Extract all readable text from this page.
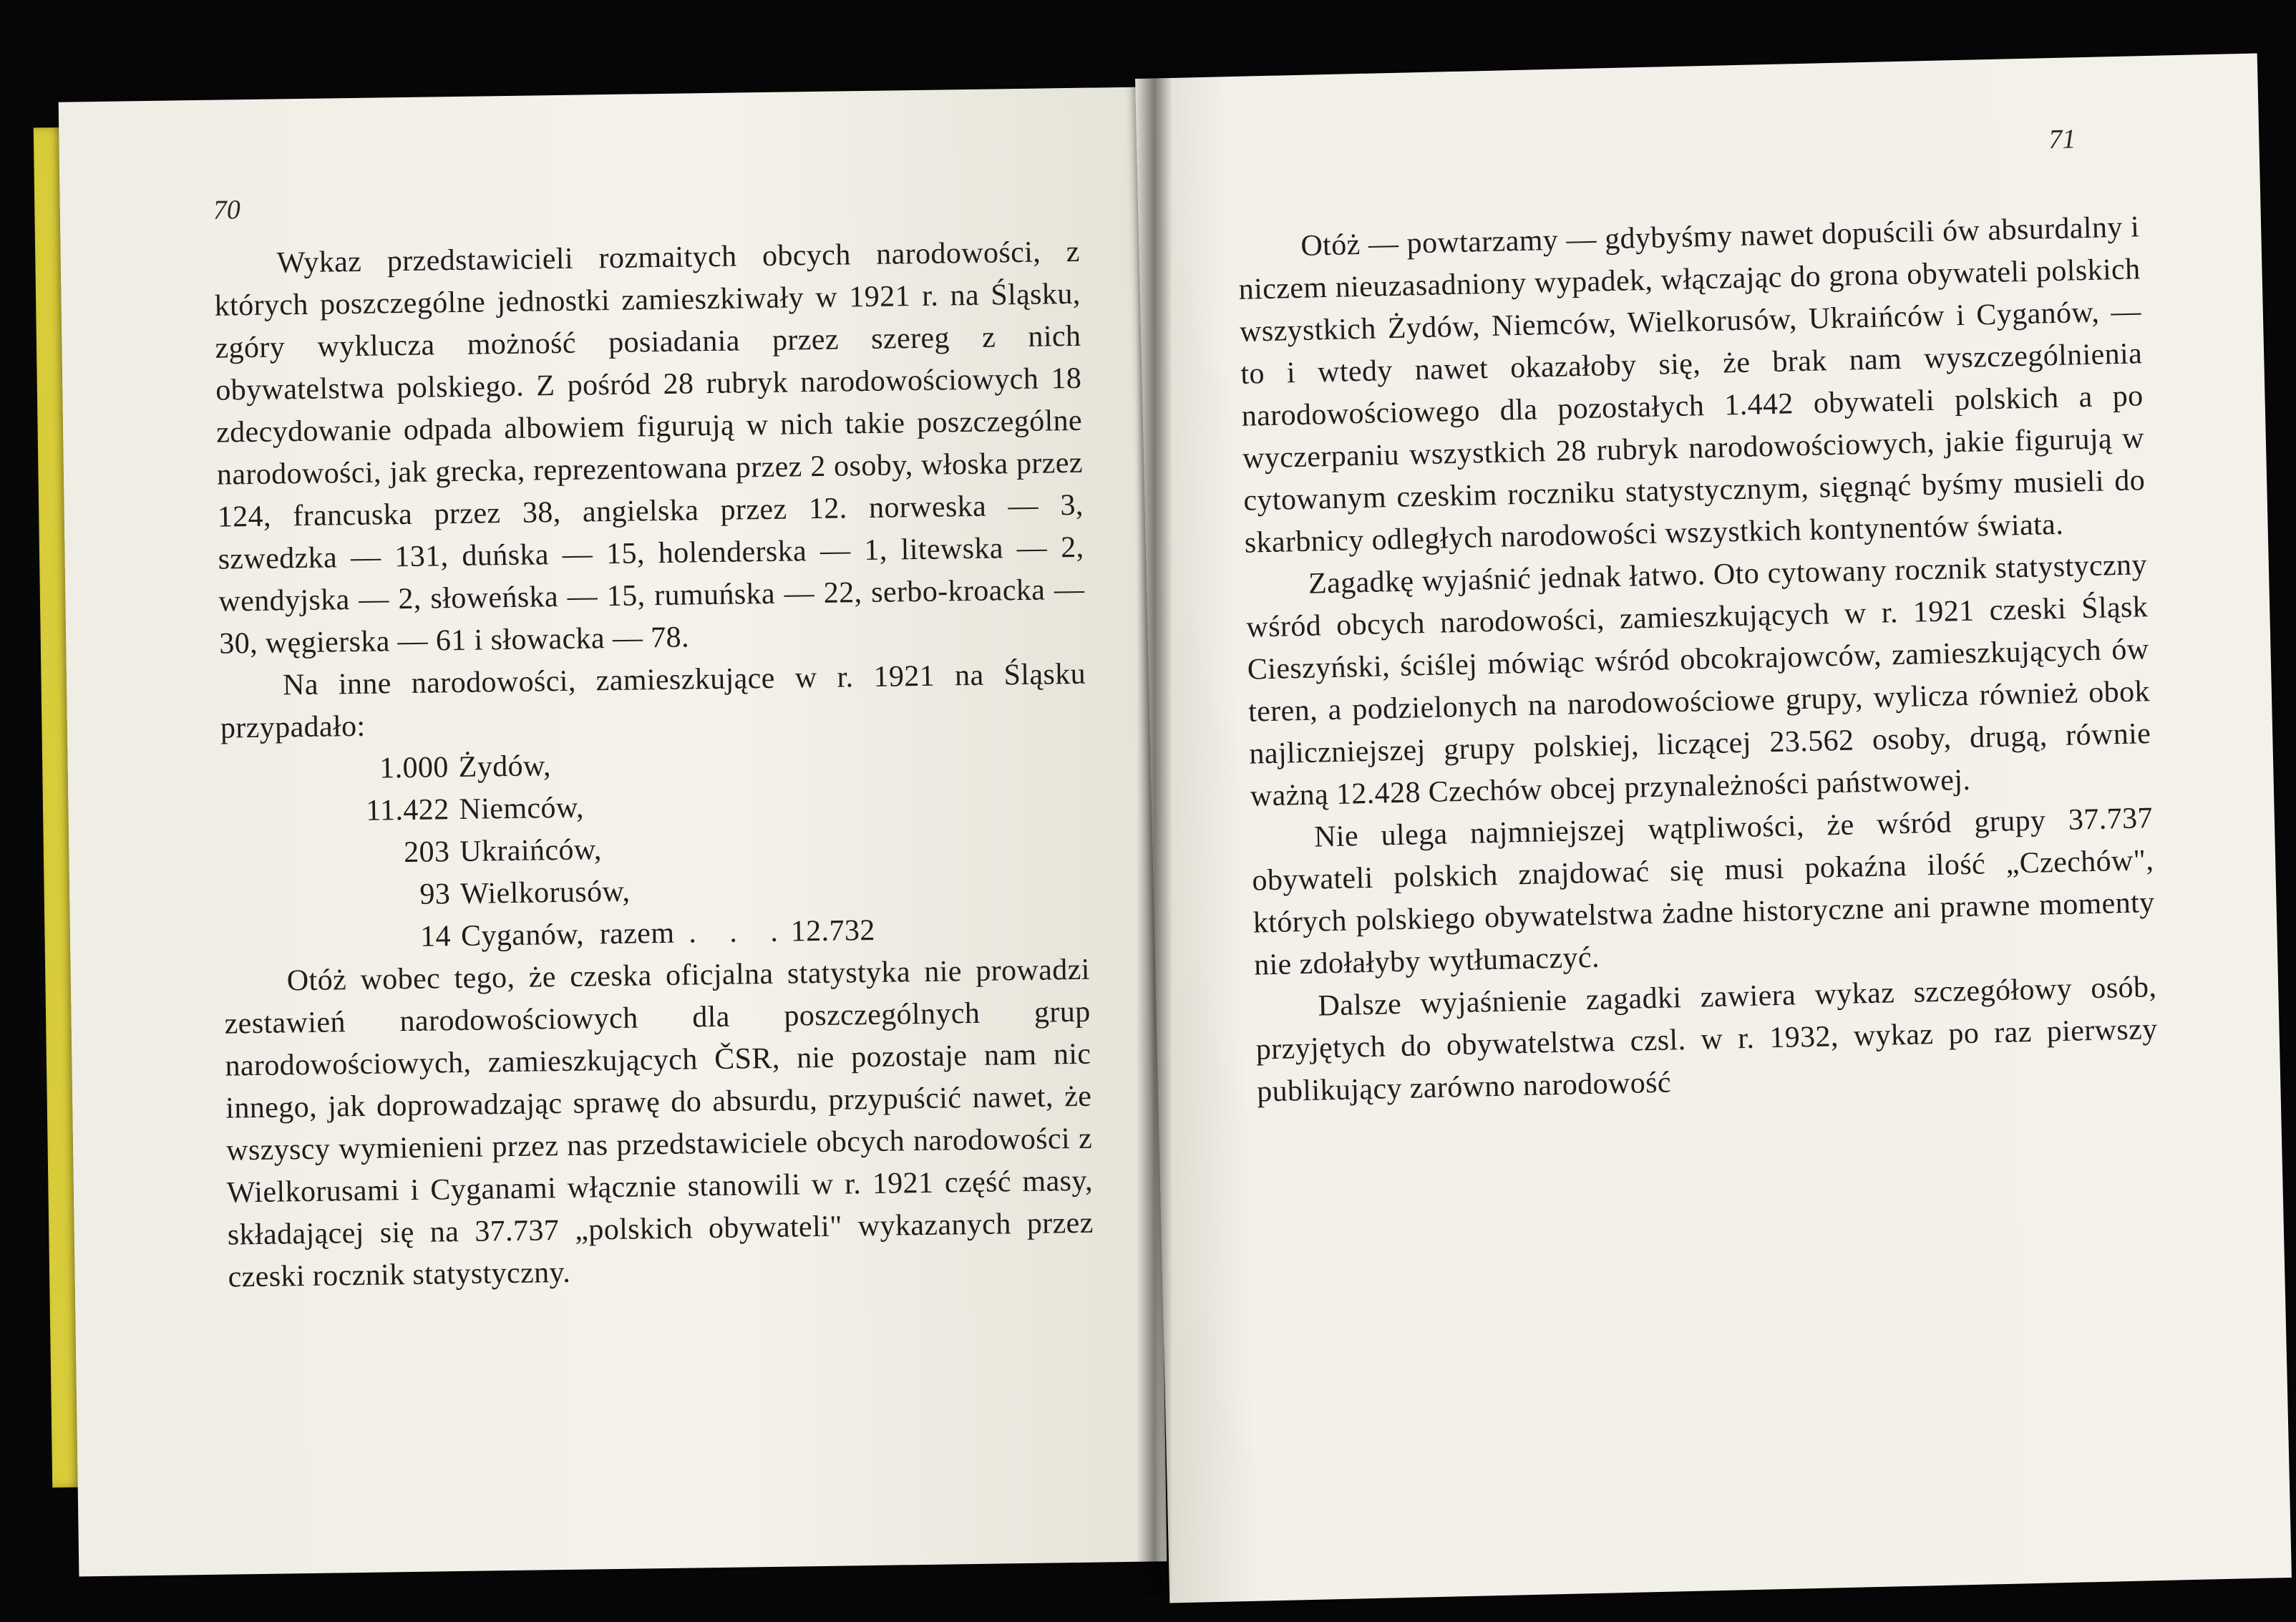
70

Wykaz przedstawicieli rozmaitych obcych narodowości, z których poszczególne jednostki zamieszkiwały w 1921 r. na Śląsku, zgóry wyklucza możność posiadania przez szereg z nich obywatelstwa polskiego. Z pośród 28 rubryk narodowościowych 18 zdecydowanie odpada albowiem figurują w nich takie poszczególne narodowości, jak grecka, reprezentowana przez 2 osoby, włoska przez 124, francuska przez 38, angielska przez 12. norweska — 3, szwedzka — 131, duńska — 15, holenderska — 1, litewska — 2, wendyjska — 2, słoweńska — 15, rumuńska — 22, serbo-kroacka — 30, węgierska — 61 i słowacka — 78.

Na inne narodowości, zamieszkujące w r. 1921 na Śląsku przypadało:

1.000	Żydów,
11.422	Niemców,
203	Ukraińców,
93	Wielkorusów,
14	Cyganów,  razem . . .12.732

Otóż wobec tego, że czeska oficjalna statystyka nie prowadzi zestawień narodowościowych dla poszczególnych grup narodowościowych, zamieszkujących ČSR, nie pozostaje nam nic innego, jak doprowadzając sprawę do absurdu, przypuścić nawet, że wszyscy wymienieni przez nas przedstawiciele obcych narodowości z Wielkorusami i Cyganami włącznie stanowili w r. 1921 część masy, składającej się na 37.737 „polskich obywateli" wykazanych przez czeski rocznik statystyczny.

71

Otóż — powtarzamy — gdybyśmy nawet dopuścili ów absurdalny i niczem nieuzasadniony wypadek, włączając do grona obywateli polskich wszystkich Żydów, Niemców, Wielkorusów, Ukraińców i Cyganów, — to i wtedy nawet okazałoby się, że brak nam wyszczególnienia narodowościowego dla pozostałych 1.442 obywateli polskich a po wyczerpaniu wszystkich 28 rubryk narodowościowych, jakie figurują w cytowanym czeskim roczniku statystycznym, sięgnąć byśmy musieli do skarbnicy odległych narodowości wszystkich kontynentów świata.

Zagadkę wyjaśnić jednak łatwo. Oto cytowany rocznik statystyczny wśród obcych narodowości, zamieszkujących w r. 1921 czeski Śląsk Cieszyński, ściślej mówiąc wśród obcokrajowców, zamieszkujących ów teren, a podzielonych na narodowościowe grupy, wylicza również obok najliczniejszej grupy polskiej, liczącej 23.562 osoby, drugą, równie ważną 12.428 Czechów obcej przynależności państwowej.

Nie ulega najmniejszej wątpliwości, że wśród grupy 37.737 obywateli polskich znajdować się musi pokaźna ilość „Czechów", których polskiego obywatelstwa żadne historyczne ani prawne momenty nie zdołałyby wytłumaczyć.

Dalsze wyjaśnienie zagadki zawiera wykaz szczegółowy osób, przyjętych do obywatelstwa czsl. w r. 1932, wykaz po raz pierwszy publikujący zarówno narodowość
